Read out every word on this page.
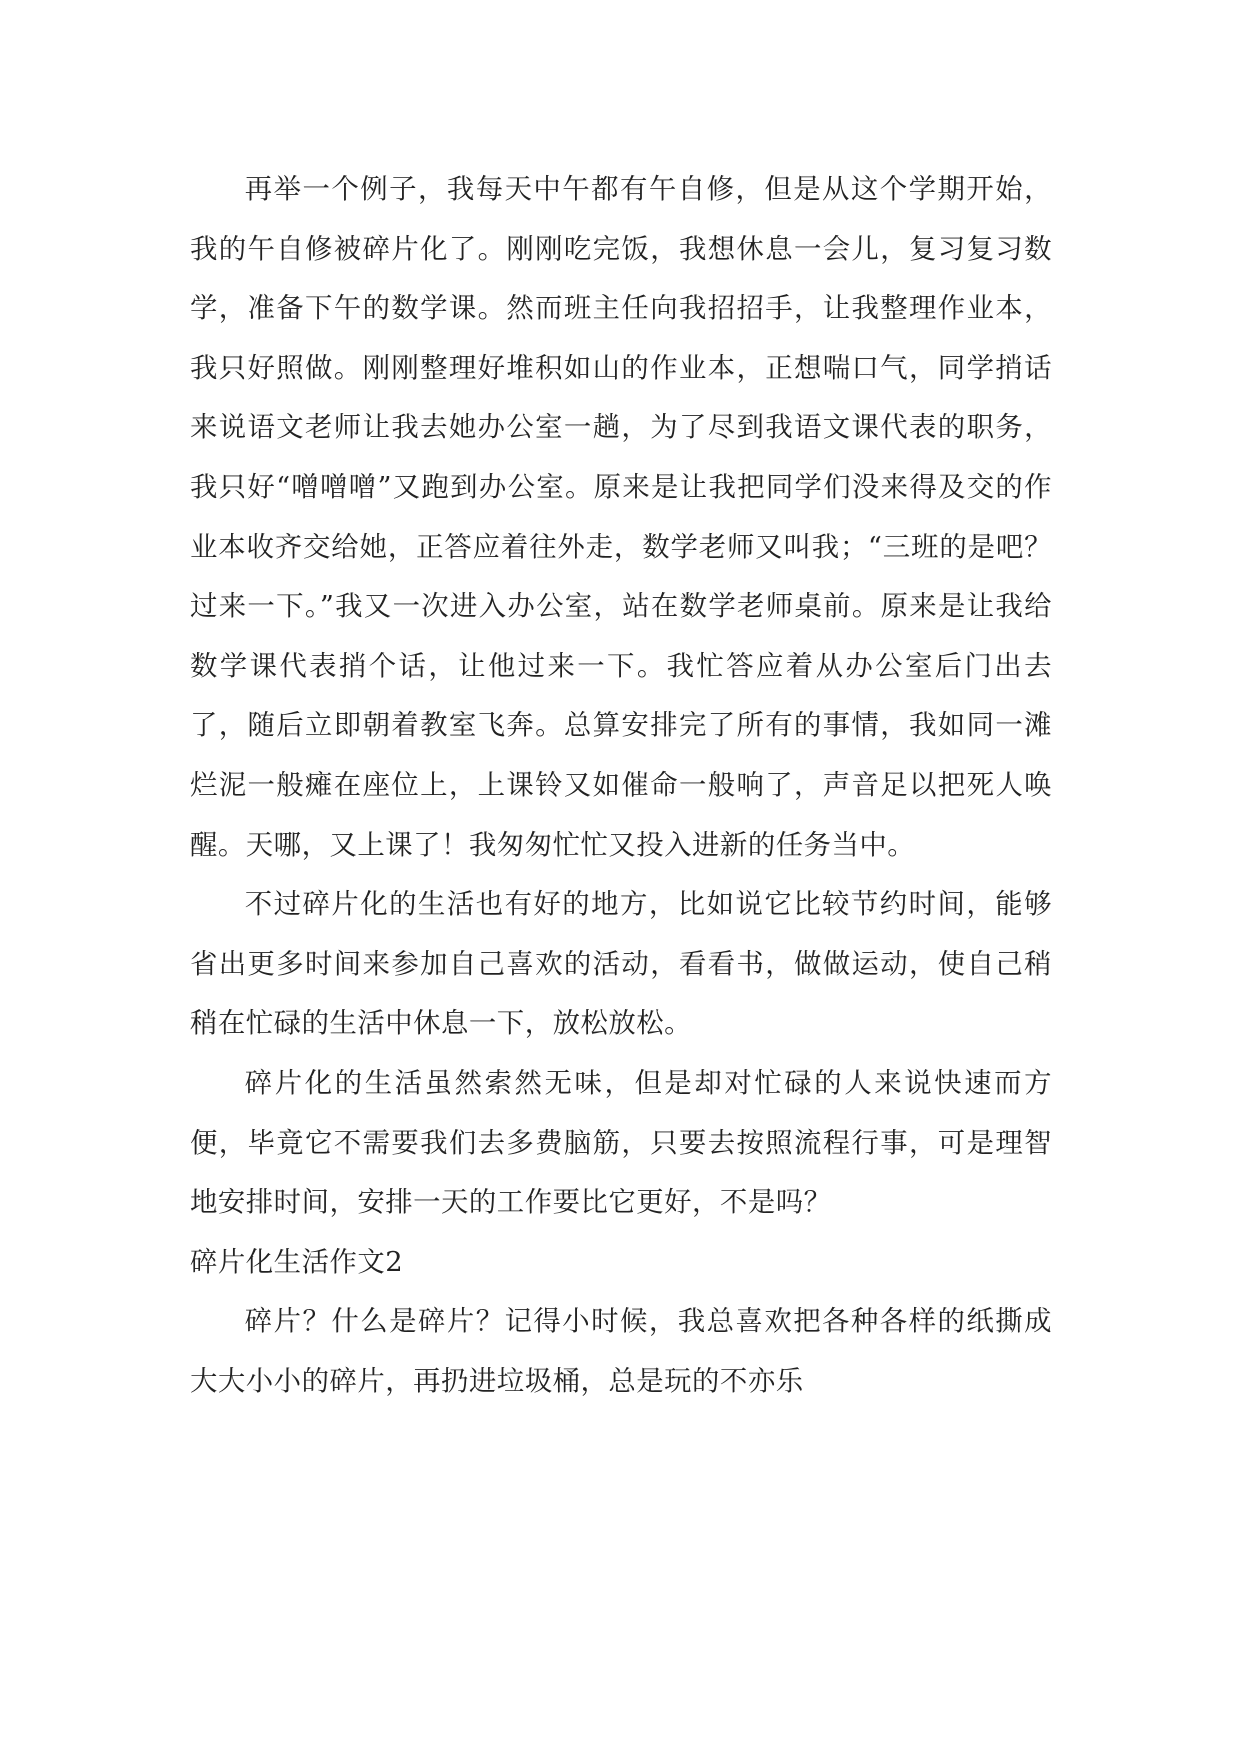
再举一个例子，我每天中午都有午自修，但是从这个学期开始，我的午自修被碎片化了。刚刚吃完饭，我想休息一会儿，复习复习数学，准备下午的数学课。然而班主任向我招招手，让我整理作业本，我只好照做。刚刚整理好堆积如山的作业本，正想喘口气，同学捎话来说语文老师让我去她办公室一趟，为了尽到我语文课代表的职务，我只好“噌噌噌”又跑到办公室。原来是让我把同学们没来得及交的作业本收齐交给她，正答应着往外走，数学老师又叫我；“三班的是吧？过来一下。”我又一次进入办公室，站在数学老师桌前。原来是让我给数学课代表捎个话，让他过来一下。我忙答应着从办公室后门出去了，随后立即朝着教室飞奔。总算安排完了所有的事情，我如同一滩烂泥一般瘫在座位上，上课铃又如催命一般响了，声音足以把死人唤醒。天哪，又上课了！我匆匆忙忙又投入进新的任务当中。

不过碎片化的生活也有好的地方，比如说它比较节约时间，能够省出更多时间来参加自己喜欢的活动，看看书，做做运动，使自己稍稍在忙碌的生活中休息一下，放松放松。

碎片化的生活虽然索然无味，但是却对忙碌的人来说快速而方便，毕竟它不需要我们去多费脑筋，只要去按照流程行事，可是理智地安排时间，安排一天的工作要比它更好，不是吗？

碎片化生活作文2

碎片？什么是碎片？记得小时候，我总喜欢把各种各样的纸撕成大大小小的碎片，再扔进垃圾桶，总是玩的不亦乐
